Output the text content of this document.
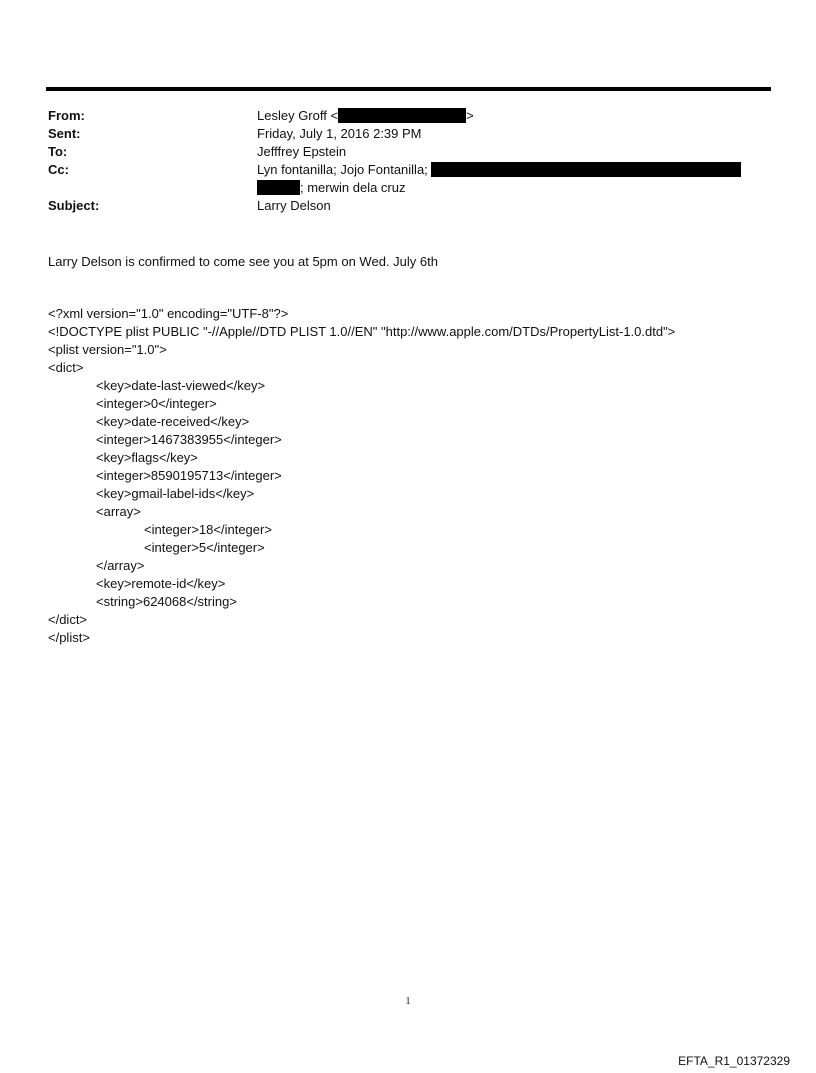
From:	Lesley Groff <	>
Sent:	Friday, July 1, 2016 2:39 PM
To:	Jefffrey Epstein
Cc:	Lyn fontanilla; Jojo Fontanilla;
; merwin dela cruz
Subject:	Larry Delson
Larry Delson is confirmed to come see you at 5pm on Wed. July 6th
<?xml version="1.0" encoding="UTF-8"?>
<!DOCTYPE plist PUBLIC "-//Apple//DTD PLIST 1.0//EN" "http://www.apple.com/DTDs/PropertyList-1.0.dtd">
<plist version="1.0">
<dict>
<key>date-last-viewed</key>
<integer>0</integer>
<key>date-received</key>
<integer>1467383955</integer>
<key>flags</key>
<integer>8590195713</integer>
<key>gmail-label-ids</key>
<array>
<integer>18</integer>
<integer>5</integer>
</array>
<key>remote-id</key>
<string>624068</string>
</dict>
</plist>
1
EFTA_R1_01372329
